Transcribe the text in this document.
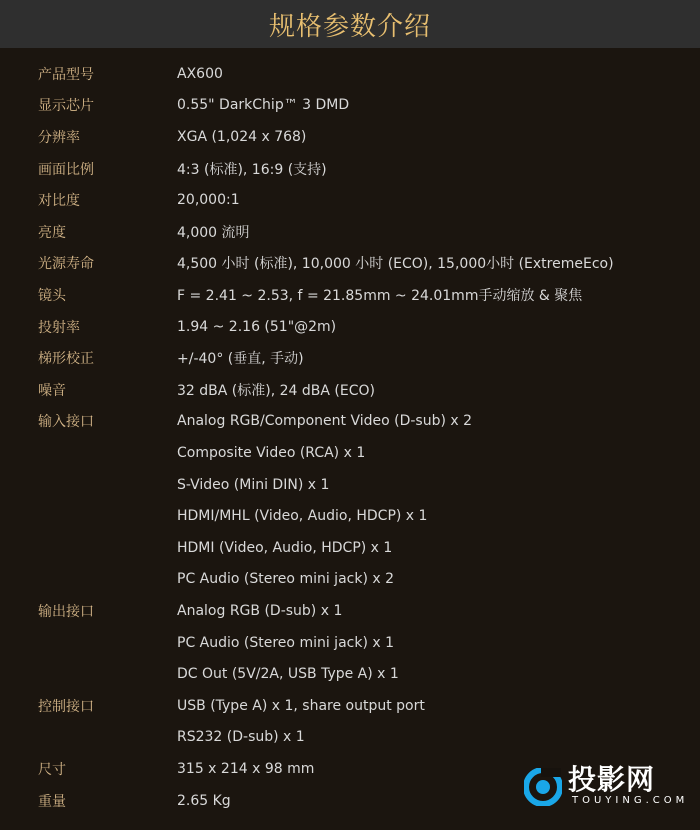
规格参数介绍
产品型号	AX600
显示芯片	0.55" DarkChip™ 3 DMD
分辨率	XGA (1,024 x 768)
画面比例	4:3 (标准), 16:9 (支持)
对比度	20,000:1
亮度	4,000 流明
光源寿命	4,500 小时 (标准), 10,000 小时 (ECO), 15,000小时 (ExtremeEco)
镜头	F = 2.41 ~ 2.53, f = 21.85mm ~ 24.01mm手动缩放 & 聚焦
投射率	1.94 ~ 2.16 (51"@2m)
梯形校正	+/-40° (垂直, 手动)
噪音	32 dBA (标准), 24 dBA (ECO)
输入接口	Analog RGB/Component Video (D-sub) x 2
Composite Video (RCA) x 1
S-Video (Mini DIN) x 1
HDMI/MHL (Video, Audio, HDCP) x 1
HDMI (Video, Audio, HDCP) x 1
PC Audio (Stereo mini jack) x 2
输出接口	Analog RGB (D-sub) x 1
PC Audio (Stereo mini jack) x 1
DC Out (5V/2A, USB Type A) x 1
控制接口	USB (Type A) x 1, share output port
RS232 (D-sub) x 1
尺寸	315 x 214 x 98 mm
重量	2.65 Kg
投影网
TOUYING.COM
